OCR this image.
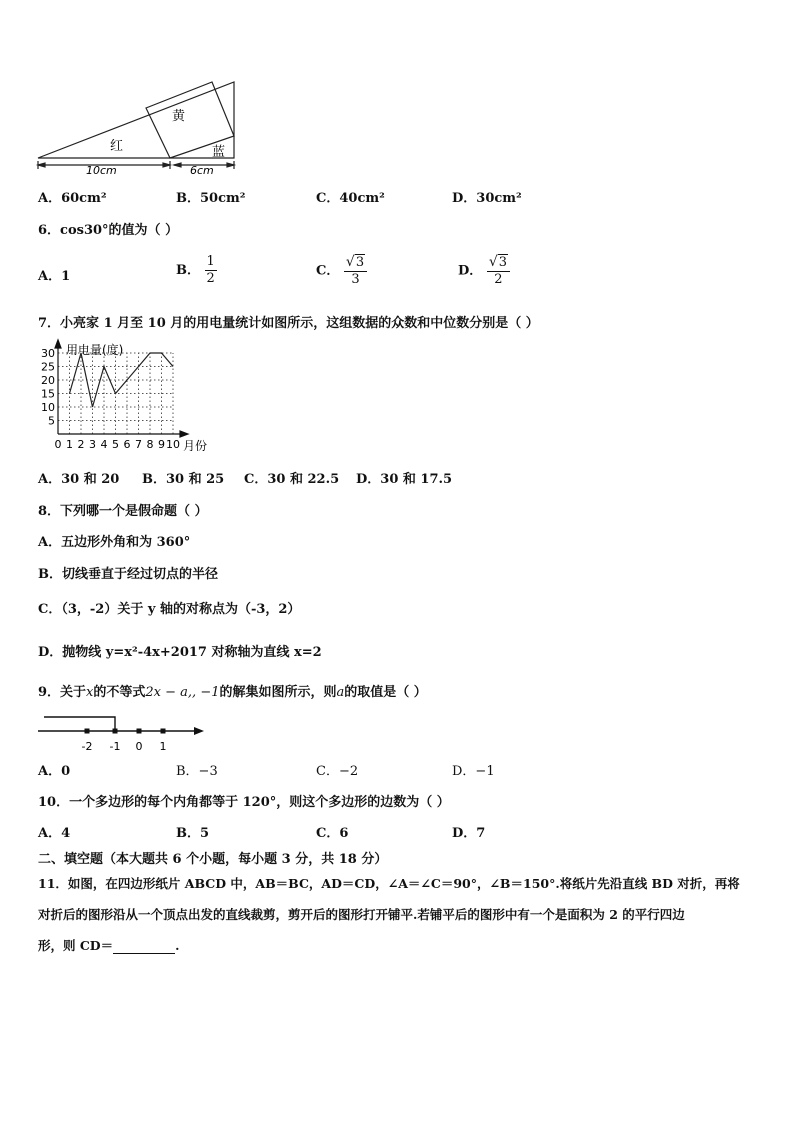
红
黄
蓝
10cm	6cm
A．60cm²	B．50cm²	C．40cm²	D．30cm²
6．cos30°的值为（ ）
A．1	B． $\frac{1}{2}$	C． $\frac{√ 3}{3}$	D． $\frac{√ 3}{2}$
7．小亮家 1 月至 10 月的用电量统计如图所示，这组数据的众数和中位数分别是（ ）
5
10
15
20
25
30
0 1 2 3 4 5 6 7 8 9 10
用电量(度)
月份
A．30 和 20 B．30 和 25 C．30 和 22.5 D．30 和 17.5
8．下列哪一个是假命题（ ）
A．五边形外角和为 360°
B．切线垂直于经过切点的半径
C．（3，-2）关于 y 轴的对称点为（-3，2）
D．抛物线 y=x²-4x+2017 对称轴为直线 x=2
9．关于x的不等式2x − a,, −1的解集如图所示，则a的取值是（ ）
-2 -1 0 1
A．0	B．−3	C．−2	D．−1
10．一个多边形的每个内角都等于 120°，则这个多边形的边数为（ ）
A．4	B．5	C．6	D．7
二、填空题（本大题共 6 个小题，每小题 3 分，共 18 分）
11．如图，在四边形纸片 ABCD 中，AB＝BC，AD＝CD，∠A＝∠C＝90°，∠B＝150°.将纸片先沿直线 BD 对折，再将
对折后的图形沿从一个顶点出发的直线裁剪，剪开后的图形打开铺平.若铺平后的图形中有一个是面积为 2 的平行四边
形，则 CD＝	.
